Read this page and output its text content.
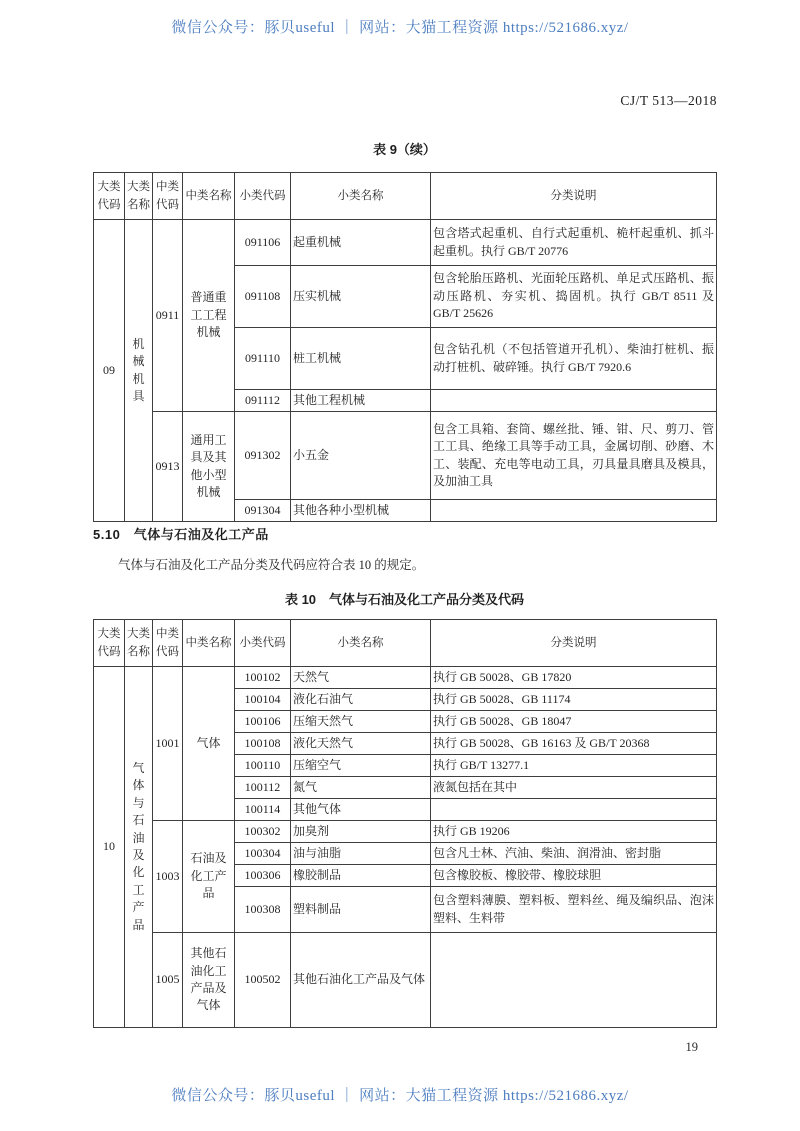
微信公众号：豚贝useful ｜ 网站：大猫工程资源 https://521686.xyz/
CJ/T 513—2018
表 9（续）
大类代码	大类名称	中类代码	中类名称	小类代码	小类名称	分类说明
09	机械机具	0911	普通重工工程机械	091106	起重机械	包含塔式起重机、自行式起重机、桅杆起重机、抓斗起重机。执行 GB/T 20776
				091108	压实机械	包含轮胎压路机、光面轮压路机、单足式压路机、振动压路机、夯实机、捣固机。执行 GB/T 8511 及 GB/T 25626
				091110	桩工机械	包含钻孔机（不包括管道开孔机）、柴油打桩机、振动打桩机、破碎锤。执行 GB/T 7920.6
				091112	其他工程机械	
		0913	通用工具及其他小型机械	091302	小五金	包含工具箱、套筒、螺丝批、锤、钳、尺、剪刀、管工工具、绝缘工具等手动工具，金属切削、砂磨、木工、装配、充电等电动工具，刃具量具磨具及模具，及加油工具
				091304	其他各种小型机械	
5.10　气体与石油及化工产品
气体与石油及化工产品分类及代码应符合表 10 的规定。
表 10　气体与石油及化工产品分类及代码
大类代码	大类名称	中类代码	中类名称	小类代码	小类名称	分类说明
10	气体与石油及化工产品	1001	气体	100102	天然气	执行 GB 50028、GB 17820
				100104	液化石油气	执行 GB 50028、GB 11174
				100106	压缩天然气	执行 GB 50028、GB 18047
				100108	液化天然气	执行 GB 50028、GB 16163 及 GB/T 20368
				100110	压缩空气	执行 GB/T 13277.1
				100112	氮气	液氮包括在其中
				100114	其他气体	
		1003	石油及化工产品	100302	加臭剂	执行 GB 19206
				100304	油与油脂	包含凡士林、汽油、柴油、润滑油、密封脂
				100306	橡胶制品	包含橡胶板、橡胶带、橡胶球胆
				100308	塑料制品	包含塑料薄膜、塑料板、塑料丝、绳及编织品、泡沫塑料、生料带
		1005	其他石油化工产品及气体	100502	其他石油化工产品及气体	
19
微信公众号：豚贝useful ｜ 网站：大猫工程资源 https://521686.xyz/
